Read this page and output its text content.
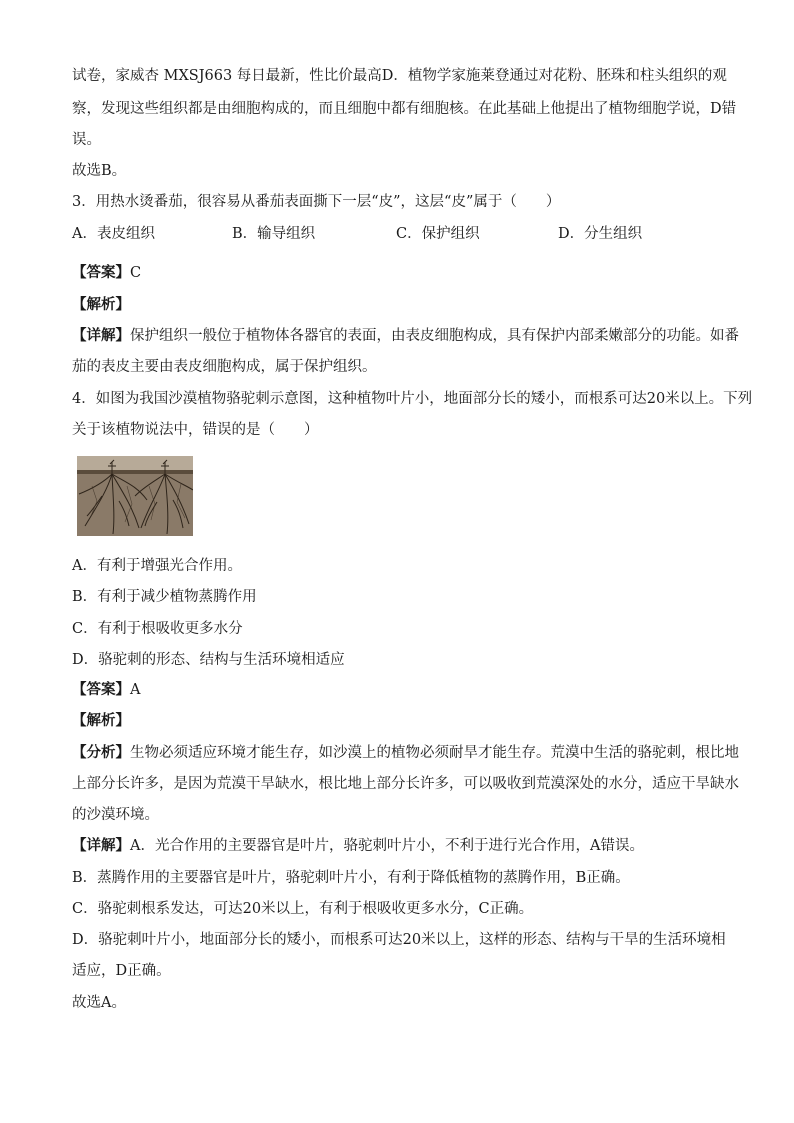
试卷，家威杏 MXSJ663 每日最新，性比价最高D．植物学家施莱登通过对花粉、胚珠和柱头组织的观
察，发现这些组织都是由细胞构成的，而且细胞中都有细胞核。在此基础上他提出了植物细胞学说，D错
误。
故选B。
3．用热水烫番茄，很容易从番茄表面撕下一层“皮”，这层“皮”属于（　　）
A．表皮组织	B．输导组织	C．保护组织	D．分生组织
【答案】C
【解析】
【详解】保护组织一般位于植物体各器官的表面，由表皮细胞构成，具有保护内部柔嫩部分的功能。如番
茄的表皮主要由表皮细胞构成，属于保护组织。
4．如图为我国沙漠植物骆驼刺示意图，这种植物叶片小，地面部分长的矮小，而根系可达20米以上。下列
关于该植物说法中，错误的是（　　）
A．有利于增强光合作用。
B．有利于减少植物蒸腾作用
C．有利于根吸收更多水分
D．骆驼刺的形态、结构与生活环境相适应
【答案】A
【解析】
【分析】生物必须适应环境才能生存，如沙漠上的植物必须耐旱才能生存。荒漠中生活的骆驼刺，根比地
上部分长许多，是因为荒漠干旱缺水，根比地上部分长许多，可以吸收到荒漠深处的水分，适应干旱缺水
的沙漠环境。
【详解】A．光合作用的主要器官是叶片，骆驼刺叶片小，不利于进行光合作用，A错误。
B．蒸腾作用的主要器官是叶片，骆驼刺叶片小，有利于降低植物的蒸腾作用，B正确。
C．骆驼刺根系发达，可达20米以上，有利于根吸收更多水分，C正确。
D．骆驼刺叶片小，地面部分长的矮小，而根系可达20米以上，这样的形态、结构与干旱的生活环境相
适应，D正确。
故选A。
